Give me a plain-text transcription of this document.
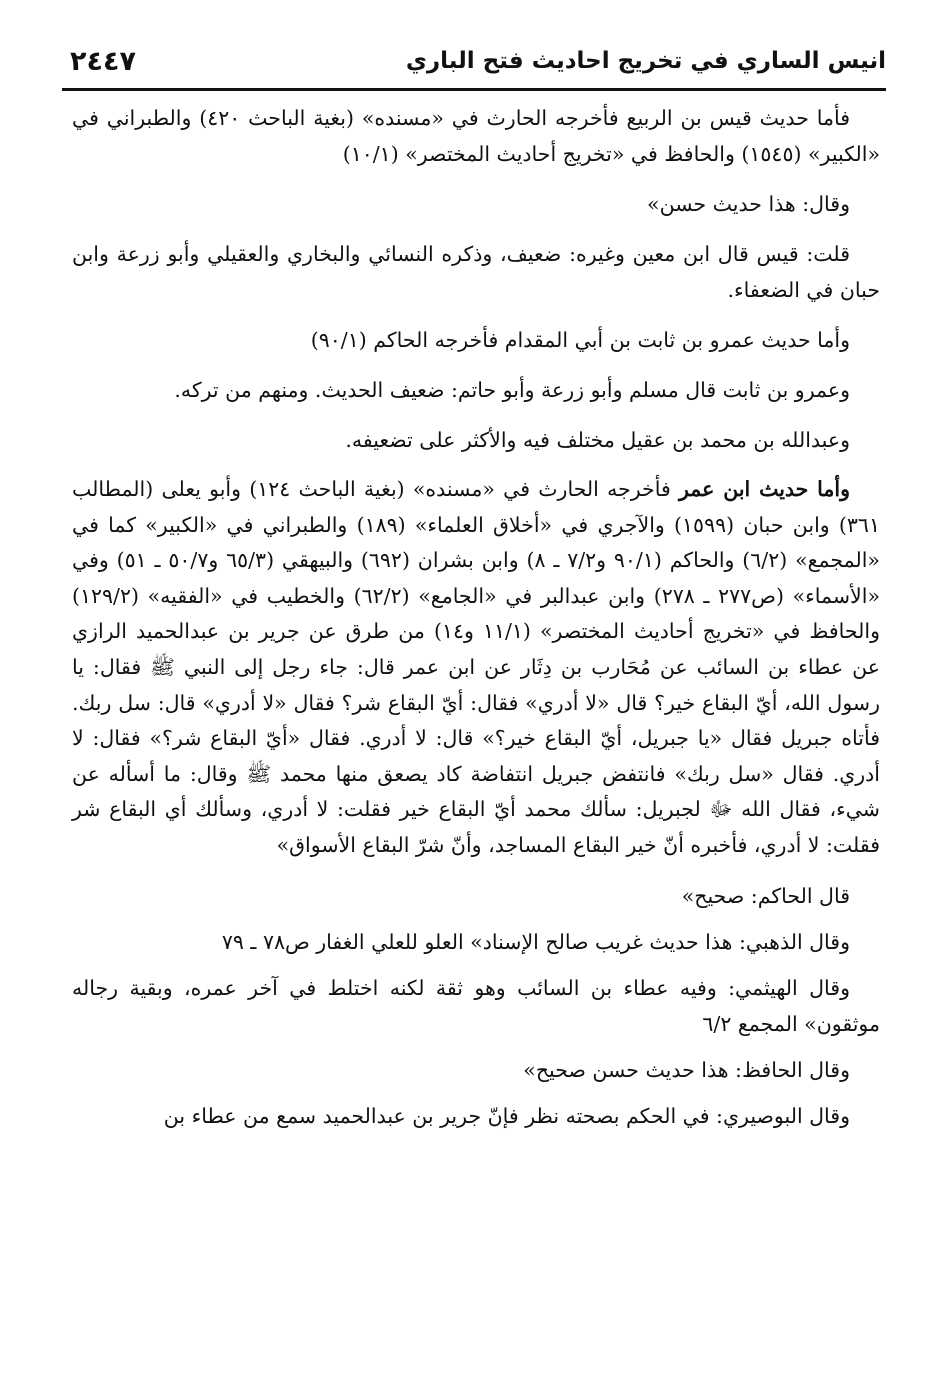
انيس الساري في تخريج احاديث فتح الباري
٢٤٤٧

فأما حديث قيس بن الربيع فأخرجه الحارث في «مسنده» (بغية الباحث ٤٢٠) والطبراني في «الكبير» (١٥٤٥) والحافظ في «تخريج أحاديث المختصر» (١٠/١)

وقال: هذا حديث حسن»

قلت: قيس قال ابن معين وغيره: ضعيف، وذكره النسائي والبخاري والعقيلي وأبو زرعة وابن حبان في الضعفاء.

وأما حديث عمرو بن ثابت بن أبي المقدام فأخرجه الحاكم (٩٠/١)

وعمرو بن ثابت قال مسلم وأبو زرعة وأبو حاتم: ضعيف الحديث. ومنهم من تركه.

وعبدالله بن محمد بن عقيل مختلف فيه والأكثر على تضعيفه.

وأما حديث ابن عمر فأخرجه الحارث في «مسنده» (بغية الباحث ١٢٤) وأبو يعلى (المطالب ٣٦١) وابن حبان (١٥٩٩) والآجري في «أخلاق العلماء» (١٨٩) والطبراني في «الكبير» كما في «المجمع» (٦/٢) والحاكم (٩٠/١ و٧/٢ ـ ٨) وابن بشران (٦٩٢) والبيهقي (٦٥/٣ و٥٠/٧ ـ ٥١) وفي «الأسماء» (ص٢٧٧ ـ ٢٧٨) وابن عبدالبر في «الجامع» (٦٢/٢) والخطيب في «الفقيه» (١٢٩/٢) والحافظ في «تخريج أحاديث المختصر» (١١/١ و١٤) من طرق عن جرير بن عبدالحميد الرازي عن عطاء بن السائب عن مُحَارب بن دِثَار عن ابن عمر قال: جاء رجل إلى النبي ﷺ فقال: يا رسول الله، أيّ البقاع خير؟ قال «لا أدري» فقال: أيّ البقاع شر؟ فقال «لا أدري» قال: سل ربك. فأتاه جبريل فقال «يا جبريل، أيّ البقاع خير؟» قال: لا أدري. فقال «أيّ البقاع شر؟» فقال: لا أدري. فقال «سل ربك» فانتفض جبريل انتفاضة كاد يصعق منها محمد ﷺ وقال: ما أسأله عن شيء، فقال الله ﷻ لجبريل: سألك محمد أيّ البقاع خير فقلت: لا أدري، وسألك أي البقاع شر فقلت: لا أدري، فأخبره أنّ خير البقاع المساجد، وأنّ شرّ البقاع الأسواق»

قال الحاكم: صحيح»

وقال الذهبي: هذا حديث غريب صالح الإسناد» العلو للعلي الغفار ص٧٨ ـ ٧٩

وقال الهيثمي: وفيه عطاء بن السائب وهو ثقة لكنه اختلط في آخر عمره، وبقية رجاله موثقون» المجمع ٦/٢

وقال الحافظ: هذا حديث حسن صحيح»

وقال البوصيري: في الحكم بصحته نظر فإنّ جرير بن عبدالحميد سمع من عطاء بن
